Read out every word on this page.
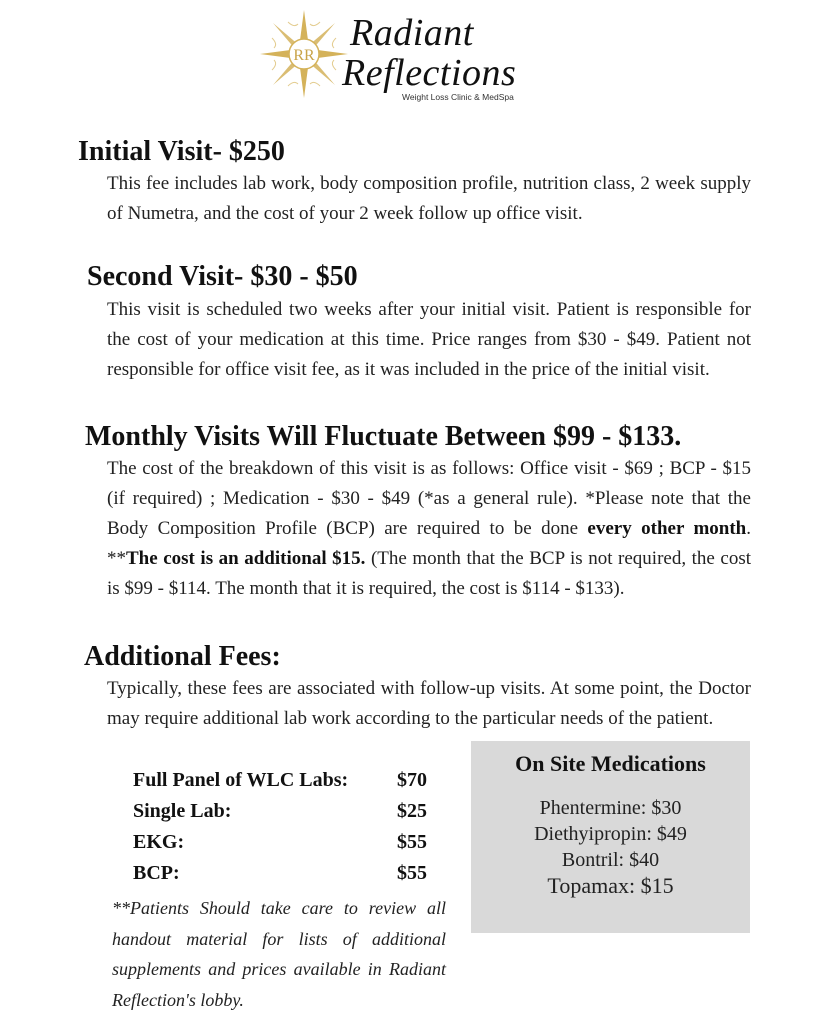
RR
Radiant
Reflections
Weight Loss Clinic & MedSpa
Initial Visit- $250

This fee includes lab work, body composition profile, nutrition class, 2 week supply of Numetra, and the cost of your 2 week follow up office visit.

Second Visit- $30 - $50

This visit is scheduled two weeks after your initial visit. Patient is responsible for the cost of your medication at this time. Price ranges from $30 - $49. Patient not responsible for office visit fee, as it was included in the price of the initial visit.

Monthly Visits Will Fluctuate Between $99 - $133.

The cost of the breakdown of this visit is as follows: Office visit - $69 ; BCP - $15 (if required) ; Medication - $30 - $49 (*as a general rule). *Please note that the Body Composition Profile (BCP) are required to be done every other month. **The cost is an additional $15. (The month that the BCP is not required, the cost is $99 - $114. The month that it is required, the cost is $114 - $133).

Additional Fees:

Typically, these fees are associated with follow-up visits. At some point, the Doctor may require additional lab work according to the particular needs of the patient.

Full Panel of WLC Labs: $70
Single Lab:	$25
EKG:	$55
BCP:	$55

**Patients Should take care to review all handout material for lists of additional supplements and prices available in Radiant Reflection's lobby.

On Site Medications
Phentermine: $30
Diethyipropin: $49
Bontril: $40
Topamax: $15
